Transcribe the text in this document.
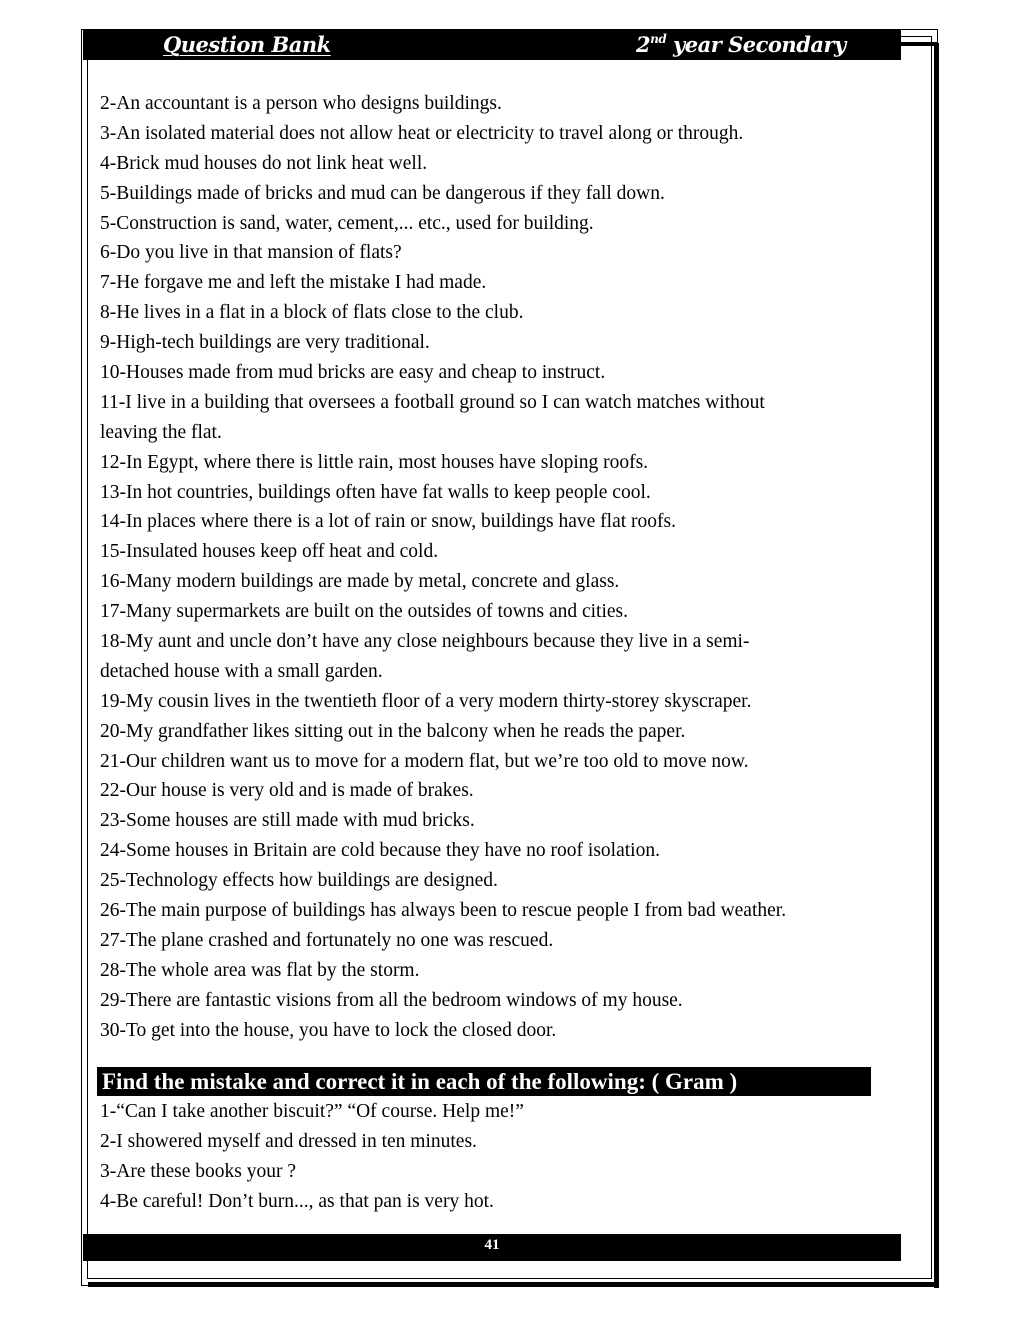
Question Bank	2nd year Secondary
2-An accountant is a person who designs buildings.
3-An isolated material does not allow heat or electricity to travel along or through.
4-Brick mud houses do not link heat well.
5-Buildings made of bricks and mud can be dangerous if they fall down.
5-Construction is sand, water, cement,... etc., used for building.
6-Do you live in that mansion of flats?
7-He forgave me and left the mistake I had made.
8-He lives in a flat in a block of flats close to the club.
9-High-tech buildings are very traditional.
10-Houses made from mud bricks are easy and cheap to instruct.
11-I live in a building that oversees a football ground so I can watch matches without
leaving the flat.
12-In Egypt, where there is little rain, most houses have sloping roofs.
13-In hot countries, buildings often have fat walls to keep people cool.
14-In places where there is a lot of rain or snow, buildings have flat roofs.
15-Insulated houses keep off heat and cold.
16-Many modern buildings are made by metal, concrete and glass.
17-Many supermarkets are built on the outsides of towns and cities.
18-My aunt and uncle don’t have any close neighbours because they live in a semi-
detached house with a small garden.
19-My cousin lives in the twentieth floor of a very modern thirty-storey skyscraper.
20-My grandfather likes sitting out in the balcony when he reads the paper.
21-Our children want us to move for a modern flat, but we’re too old to move now.
22-Our house is very old and is made of brakes.
23-Some houses are still made with mud bricks.
24-Some houses in Britain are cold because they have no roof isolation.
25-Technology effects how buildings are designed.
26-The main purpose of buildings has always been to rescue people I from bad weather.
27-The plane crashed and fortunately no one was rescued.
28-The whole area was flat by the storm.
29-There are fantastic visions from all the bedroom windows of my house.
30-To get into the house, you have to lock the closed door.
Find the mistake and correct it in each of the following: ( Gram )
1-“Can I take another biscuit?” “Of course. Help me!”
2-I showered myself and dressed in ten minutes.
3-Are these books your ?
4-Be careful! Don’t burn..., as that pan is very hot.
41
